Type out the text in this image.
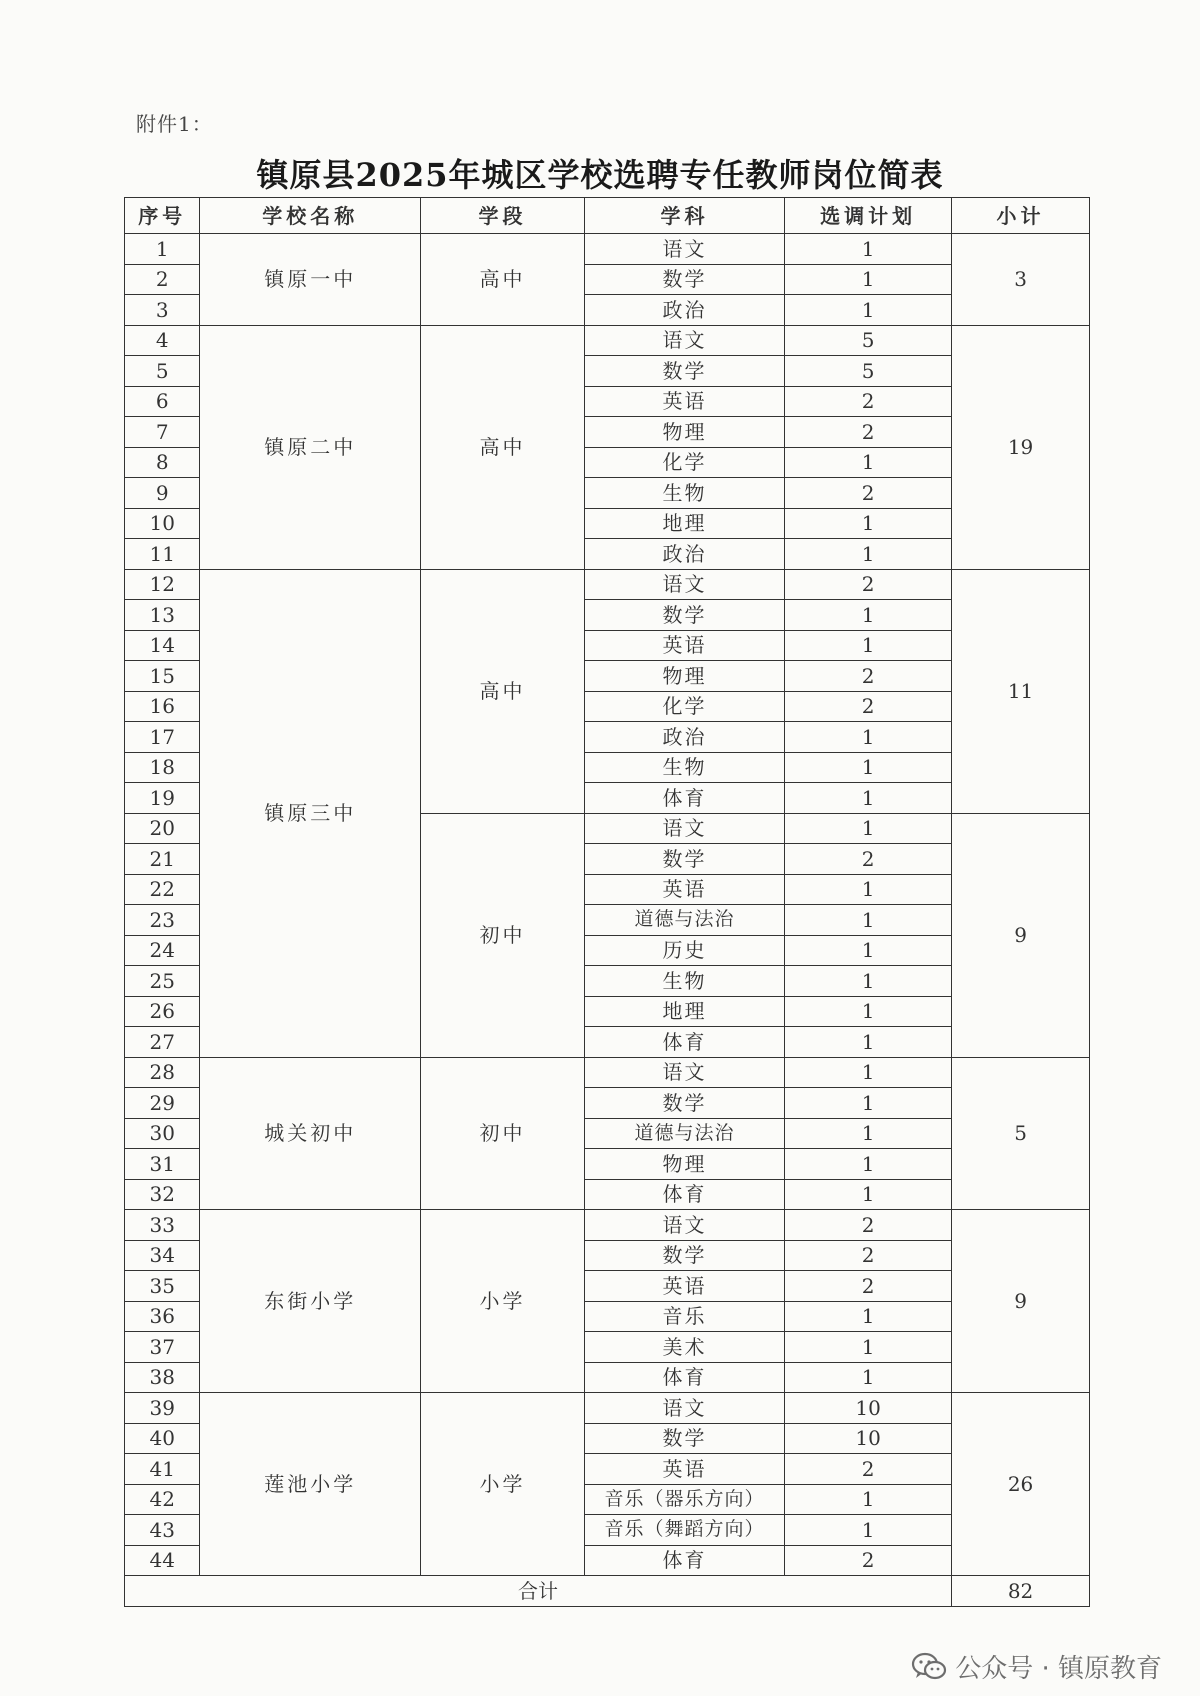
附件1：
镇原县2025年城区学校选聘专任教师岗位简表
序号	学校名称	学段	学科	选调计划	小计
1	镇原一中	高中	语文	1	3
2			数学	1	
3			政治	1	
4	镇原二中	高中	语文	5	19
5			数学	5	
6			英语	2	
7			物理	2	
8			化学	1	
9			生物	2	
10			地理	1	
11			政治	1	
12	镇原三中	高中	语文	2	11
13			数学	1	
14			英语	1	
15			物理	2	
16			化学	2	
17			政治	1	
18			生物	1	
19			体育	1	
20		初中	语文	1	9
21			数学	2	
22			英语	1	
23			道德与法治	1	
24			历史	1	
25			生物	1	
26			地理	1	
27			体育	1	
28	城关初中	初中	语文	1	5
29			数学	1	
30			道德与法治	1	
31			物理	1	
32			体育	1	
33	东街小学	小学	语文	2	9
34			数学	2	
35			英语	2	
36			音乐	1	
37			美术	1	
38			体育	1	
39	莲池小学	小学	语文	10	26
40			数学	10	
41			英语	2	
42			音乐（器乐方向）	1	
43			音乐（舞蹈方向）	1	
44			体育	2	
合计					82
公众号 · 镇原教育
